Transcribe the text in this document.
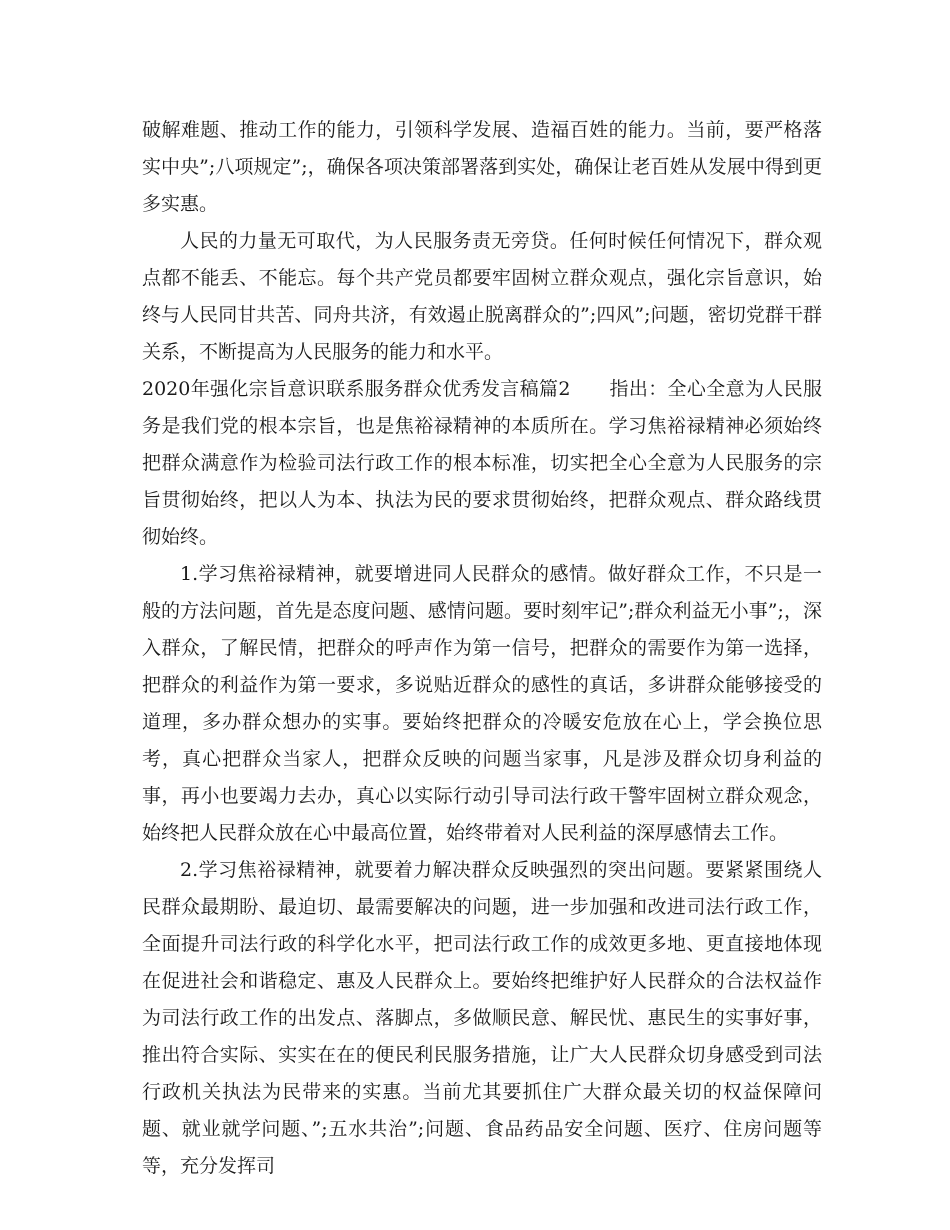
破解难题、推动工作的能力，引领科学发展、造福百姓的能力。当前，要严格落实中央”;八项规定”;，确保各项决策部署落到实处，确保让老百姓从发展中得到更多实惠。

人民的力量无可取代，为人民服务责无旁贷。任何时候任何情况下，群众观点都不能丢、不能忘。每个共产党员都要牢固树立群众观点，强化宗旨意识，始终与人民同甘共苦、同舟共济，有效遏止脱离群众的”;四风”;问题，密切党群干群关系，不断提高为人民服务的能力和水平。

2020年强化宗旨意识联系服务群众优秀发言稿篇2　　指出：全心全意为人民服务是我们党的根本宗旨，也是焦裕禄精神的本质所在。学习焦裕禄精神必须始终把群众满意作为检验司法行政工作的根本标准，切实把全心全意为人民服务的宗旨贯彻始终，把以人为本、执法为民的要求贯彻始终，把群众观点、群众路线贯彻始终。

1.学习焦裕禄精神，就要增进同人民群众的感情。做好群众工作，不只是一般的方法问题，首先是态度问题、感情问题。要时刻牢记”;群众利益无小事”;，深入群众，了解民情，把群众的呼声作为第一信号，把群众的需要作为第一选择，把群众的利益作为第一要求，多说贴近群众的感性的真话，多讲群众能够接受的道理，多办群众想办的实事。要始终把群众的冷暖安危放在心上，学会换位思考，真心把群众当家人，把群众反映的问题当家事，凡是涉及群众切身利益的事，再小也要竭力去办，真心以实际行动引导司法行政干警牢固树立群众观念，始终把人民群众放在心中最高位置，始终带着对人民利益的深厚感情去工作。

2.学习焦裕禄精神，就要着力解决群众反映强烈的突出问题。要紧紧围绕人民群众最期盼、最迫切、最需要解决的问题，进一步加强和改进司法行政工作，全面提升司法行政的科学化水平，把司法行政工作的成效更多地、更直接地体现在促进社会和谐稳定、惠及人民群众上。要始终把维护好人民群众的合法权益作为司法行政工作的出发点、落脚点，多做顺民意、解民忧、惠民生的实事好事，推出符合实际、实实在在的便民利民服务措施，让广大人民群众切身感受到司法行政机关执法为民带来的实惠。当前尤其要抓住广大群众最关切的权益保障问题、就业就学问题、”;五水共治”;问题、食品药品安全问题、医疗、住房问题等等，充分发挥司
